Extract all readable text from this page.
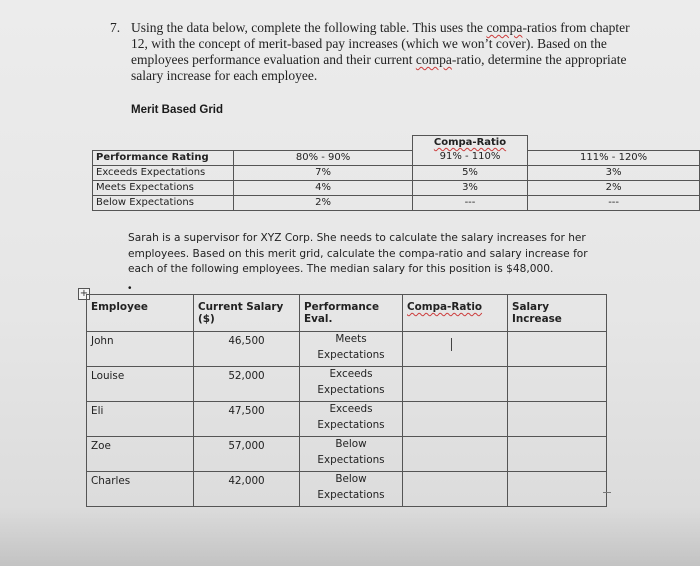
7. Using the data below, complete the following table. This uses the compa-ratios from chapter 12, with the concept of merit-based pay increases (which we won’t cover). Based on the employees performance evaluation and their current compa-ratio, determine the appropriate salary increase for each employee.
Merit Based Grid
		Compa-Ratio	
Performance Rating	80% - 90%	91% - 110%	111% - 120%
Exceeds Expectations	7%	5%	3%
Meets Expectations	4%	3%	2%
Below Expectations	2%	---	---
Sarah is a supervisor for XYZ Corp. She needs to calculate the salary increases for her employees. Based on this merit grid, calculate the compa-ratio and salary increase for each of the following employees. The median salary for this position is $48,000.
•
+
Employee	Current Salary ($)	Performance Eval.	Compa-Ratio	Salary Increase
John	46,500	Meets Expectations		
Louise	52,000	Exceeds Expectations		
Eli	47,500	Exceeds Expectations		
Zoe	57,000	Below Expectations		
Charles	42,000	Below Expectations		
